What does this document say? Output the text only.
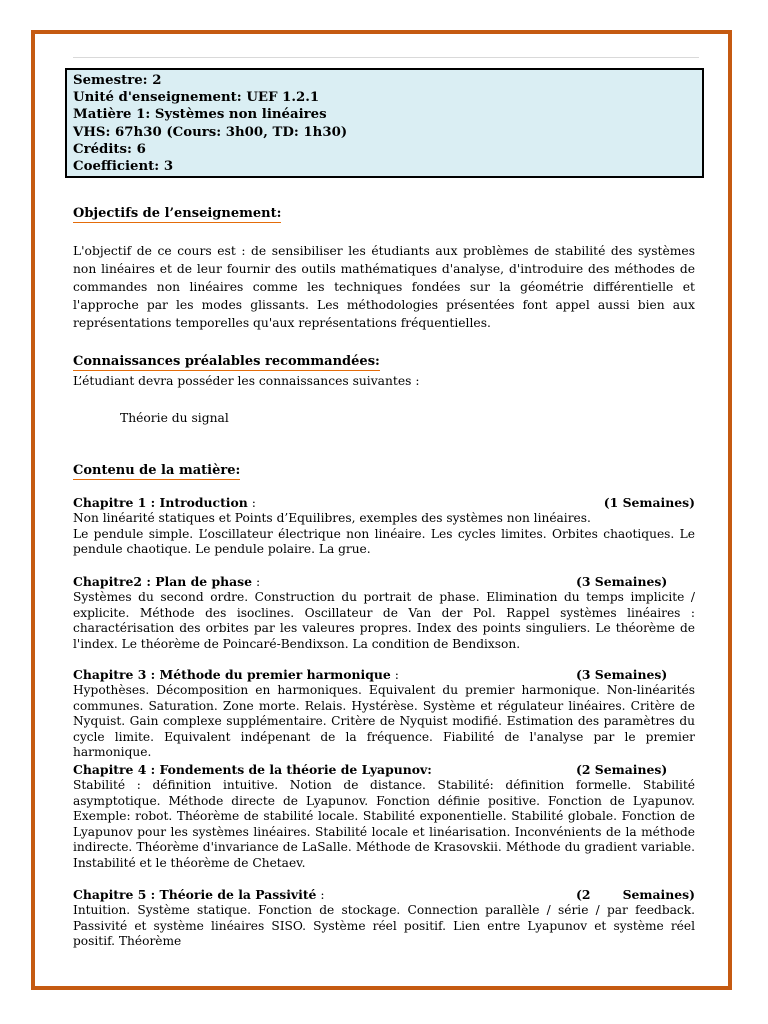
Semestre: 2
Unité d'enseignement: UEF 1.2.1
Matière 1: Systèmes non linéaires
VHS: 67h30 (Cours: 3h00, TD: 1h30)
Crédits: 6
Coefficient: 3
Objectifs de l’enseignement:
L'objectif de ce cours est : de sensibiliser les étudiants aux problèmes de stabilité des systèmes non linéaires et de leur fournir des outils mathématiques d'analyse, d'introduire des méthodes de commandes non linéaires comme les techniques fondées sur la géométrie différentielle et l'approche par les modes glissants. Les méthodologies présentées font appel aussi bien aux représentations temporelles qu'aux représentations fréquentielles.
Connaissances préalables recommandées:
L’étudiant devra posséder les connaissances suivantes :
Théorie du signal
Contenu de la matière:
Chapitre 1 : Introduction :	(1 Semaines)
Non linéarité statiques et Points d’Equilibres, exemples des systèmes non linéaires.
Le pendule simple. L’oscillateur électrique non linéaire. Les cycles limites. Orbites chaotiques. Le pendule chaotique. Le pendule polaire. La grue.
Chapitre2 : Plan de phase :	(3 Semaines)
Systèmes du second ordre. Construction du portrait de phase. Elimination du temps implicite / explicite. Méthode des isoclines. Oscillateur de Van der Pol. Rappel systèmes linéaires : charactérisation des orbites par les valeures propres. Index des points singuliers. Le théorème de l'index. Le théorème de Poincaré-Bendixson. La condition de Bendixson.
Chapitre 3 : Méthode du premier harmonique :	(3 Semaines)
Hypothèses. Décomposition en harmoniques. Equivalent du premier harmonique. Non-linéarités communes. Saturation. Zone morte. Relais. Hystérèse. Système et régulateur linéaires. Critère de Nyquist. Gain complexe supplémentaire. Critère de Nyquist modifié. Estimation des paramètres du cycle limite. Equivalent indépenant de la fréquence. Fiabilité de l'analyse par le premier harmonique.
Chapitre 4 : Fondements de la théorie de Lyapunov:	(2 Semaines)
Stabilité : définition intuitive. Notion de distance. Stabilité: définition formelle. Stabilité asymptotique. Méthode directe de Lyapunov. Fonction définie positive. Fonction de Lyapunov. Exemple: robot. Théorème de stabilité locale. Stabilité exponentielle. Stabilité globale. Fonction de Lyapunov pour les systèmes linéaires. Stabilité locale et linéarisation. Inconvénients de la méthode indirecte. Théorème d'invariance de LaSalle. Méthode de Krasovskii. Méthode du gradient variable. Instabilité et le théorème de Chetaev.
Chapitre 5 : Théorie de la Passivité :	(2	Semaines)
Intuition. Système statique. Fonction de stockage. Connection parallèle / série / par feedback. Passivité et système linéaires SISO. Système réel positif. Lien entre Lyapunov et système réel positif. Théorème
